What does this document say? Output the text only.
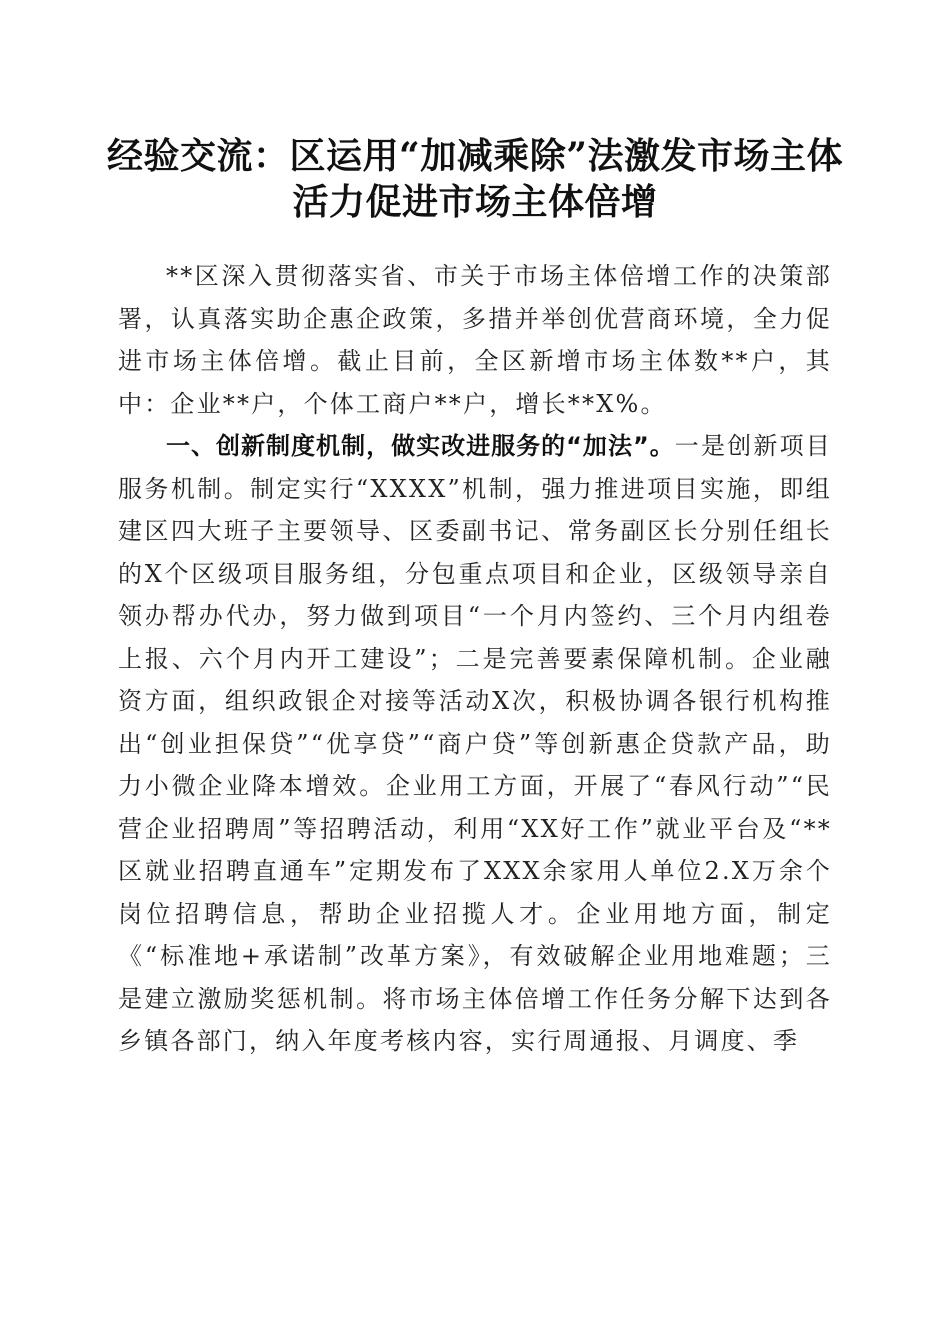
经验交流：区运用“加减乘除”法激发市场主体活力促进市场主体倍增

**区深入贯彻落实省、市关于市场主体倍增工作的决策部署，认真落实助企惠企政策，多措并举创优营商环境，全力促进市场主体倍增。截止目前，全区新增市场主体数**户，其中：企业**户，个体工商户**户，增长**X%。

一、创新制度机制，做实改进服务的“加法”。一是创新项目服务机制。制定实行“XXXX”机制，强力推进项目实施，即组建区四大班子主要领导、区委副书记、常务副区长分别任组长的X个区级项目服务组，分包重点项目和企业，区级领导亲自领办帮办代办，努力做到项目“一个月内签约、三个月内组卷上报、六个月内开工建设”；二是完善要素保障机制。企业融资方面，组织政银企对接等活动X次，积极协调各银行机构推出“创业担保贷”“优享贷”“商户贷”等创新惠企贷款产品，助力小微企业降本增效。企业用工方面，开展了“春风行动”“民营企业招聘周”等招聘活动，利用“XX好工作”就业平台及“**区就业招聘直通车”定期发布了XXX余家用人单位2.X万余个岗位招聘信息，帮助企业招揽人才。企业用地方面，制定《“标准地+承诺制”改革方案》，有效破解企业用地难题；三是建立激励奖惩机制。将市场主体倍增工作任务分解下达到各乡镇各部门，纳入年度考核内容，实行周通报、月调度、季
